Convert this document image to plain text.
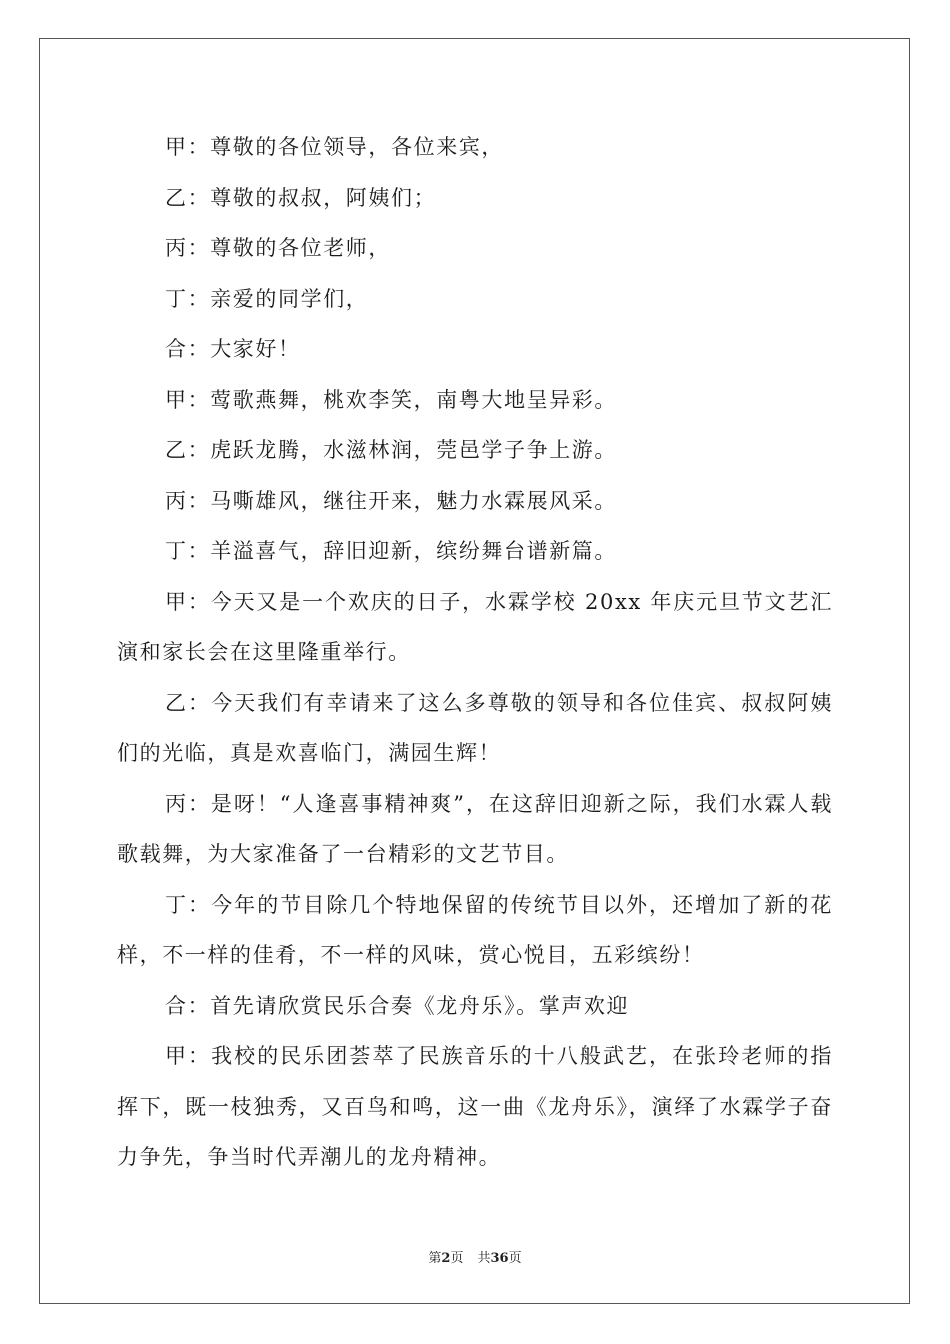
甲：尊敬的各位领导，各位来宾，

乙：尊敬的叔叔，阿姨们；

丙：尊敬的各位老师，

丁：亲爱的同学们，

合：大家好！

甲：莺歌燕舞，桃欢李笑，南粤大地呈异彩。

乙：虎跃龙腾，水滋林润，莞邑学子争上游。

丙：马嘶雄风，继往开来，魅力水霖展风采。

丁：羊溢喜气，辞旧迎新，缤纷舞台谱新篇。

甲：今天又是一个欢庆的日子，水霖学校 20xx 年庆元旦节文艺汇演和家长会在这里隆重举行。

乙：今天我们有幸请来了这么多尊敬的领导和各位佳宾、叔叔阿姨们的光临，真是欢喜临门，满园生辉！

丙：是呀！“人逢喜事精神爽”，在这辞旧迎新之际，我们水霖人载歌载舞，为大家准备了一台精彩的文艺节目。

丁：今年的节目除几个特地保留的传统节目以外，还增加了新的花样，不一样的佳肴，不一样的风味，赏心悦目，五彩缤纷！

合：首先请欣赏民乐合奏《龙舟乐》。掌声欢迎

甲：我校的民乐团荟萃了民族音乐的十八般武艺，在张玲老师的指挥下，既一枝独秀，又百鸟和鸣，这一曲《龙舟乐》，演绎了水霖学子奋力争先，争当时代弄潮儿的龙舟精神。

第2页 共36页
